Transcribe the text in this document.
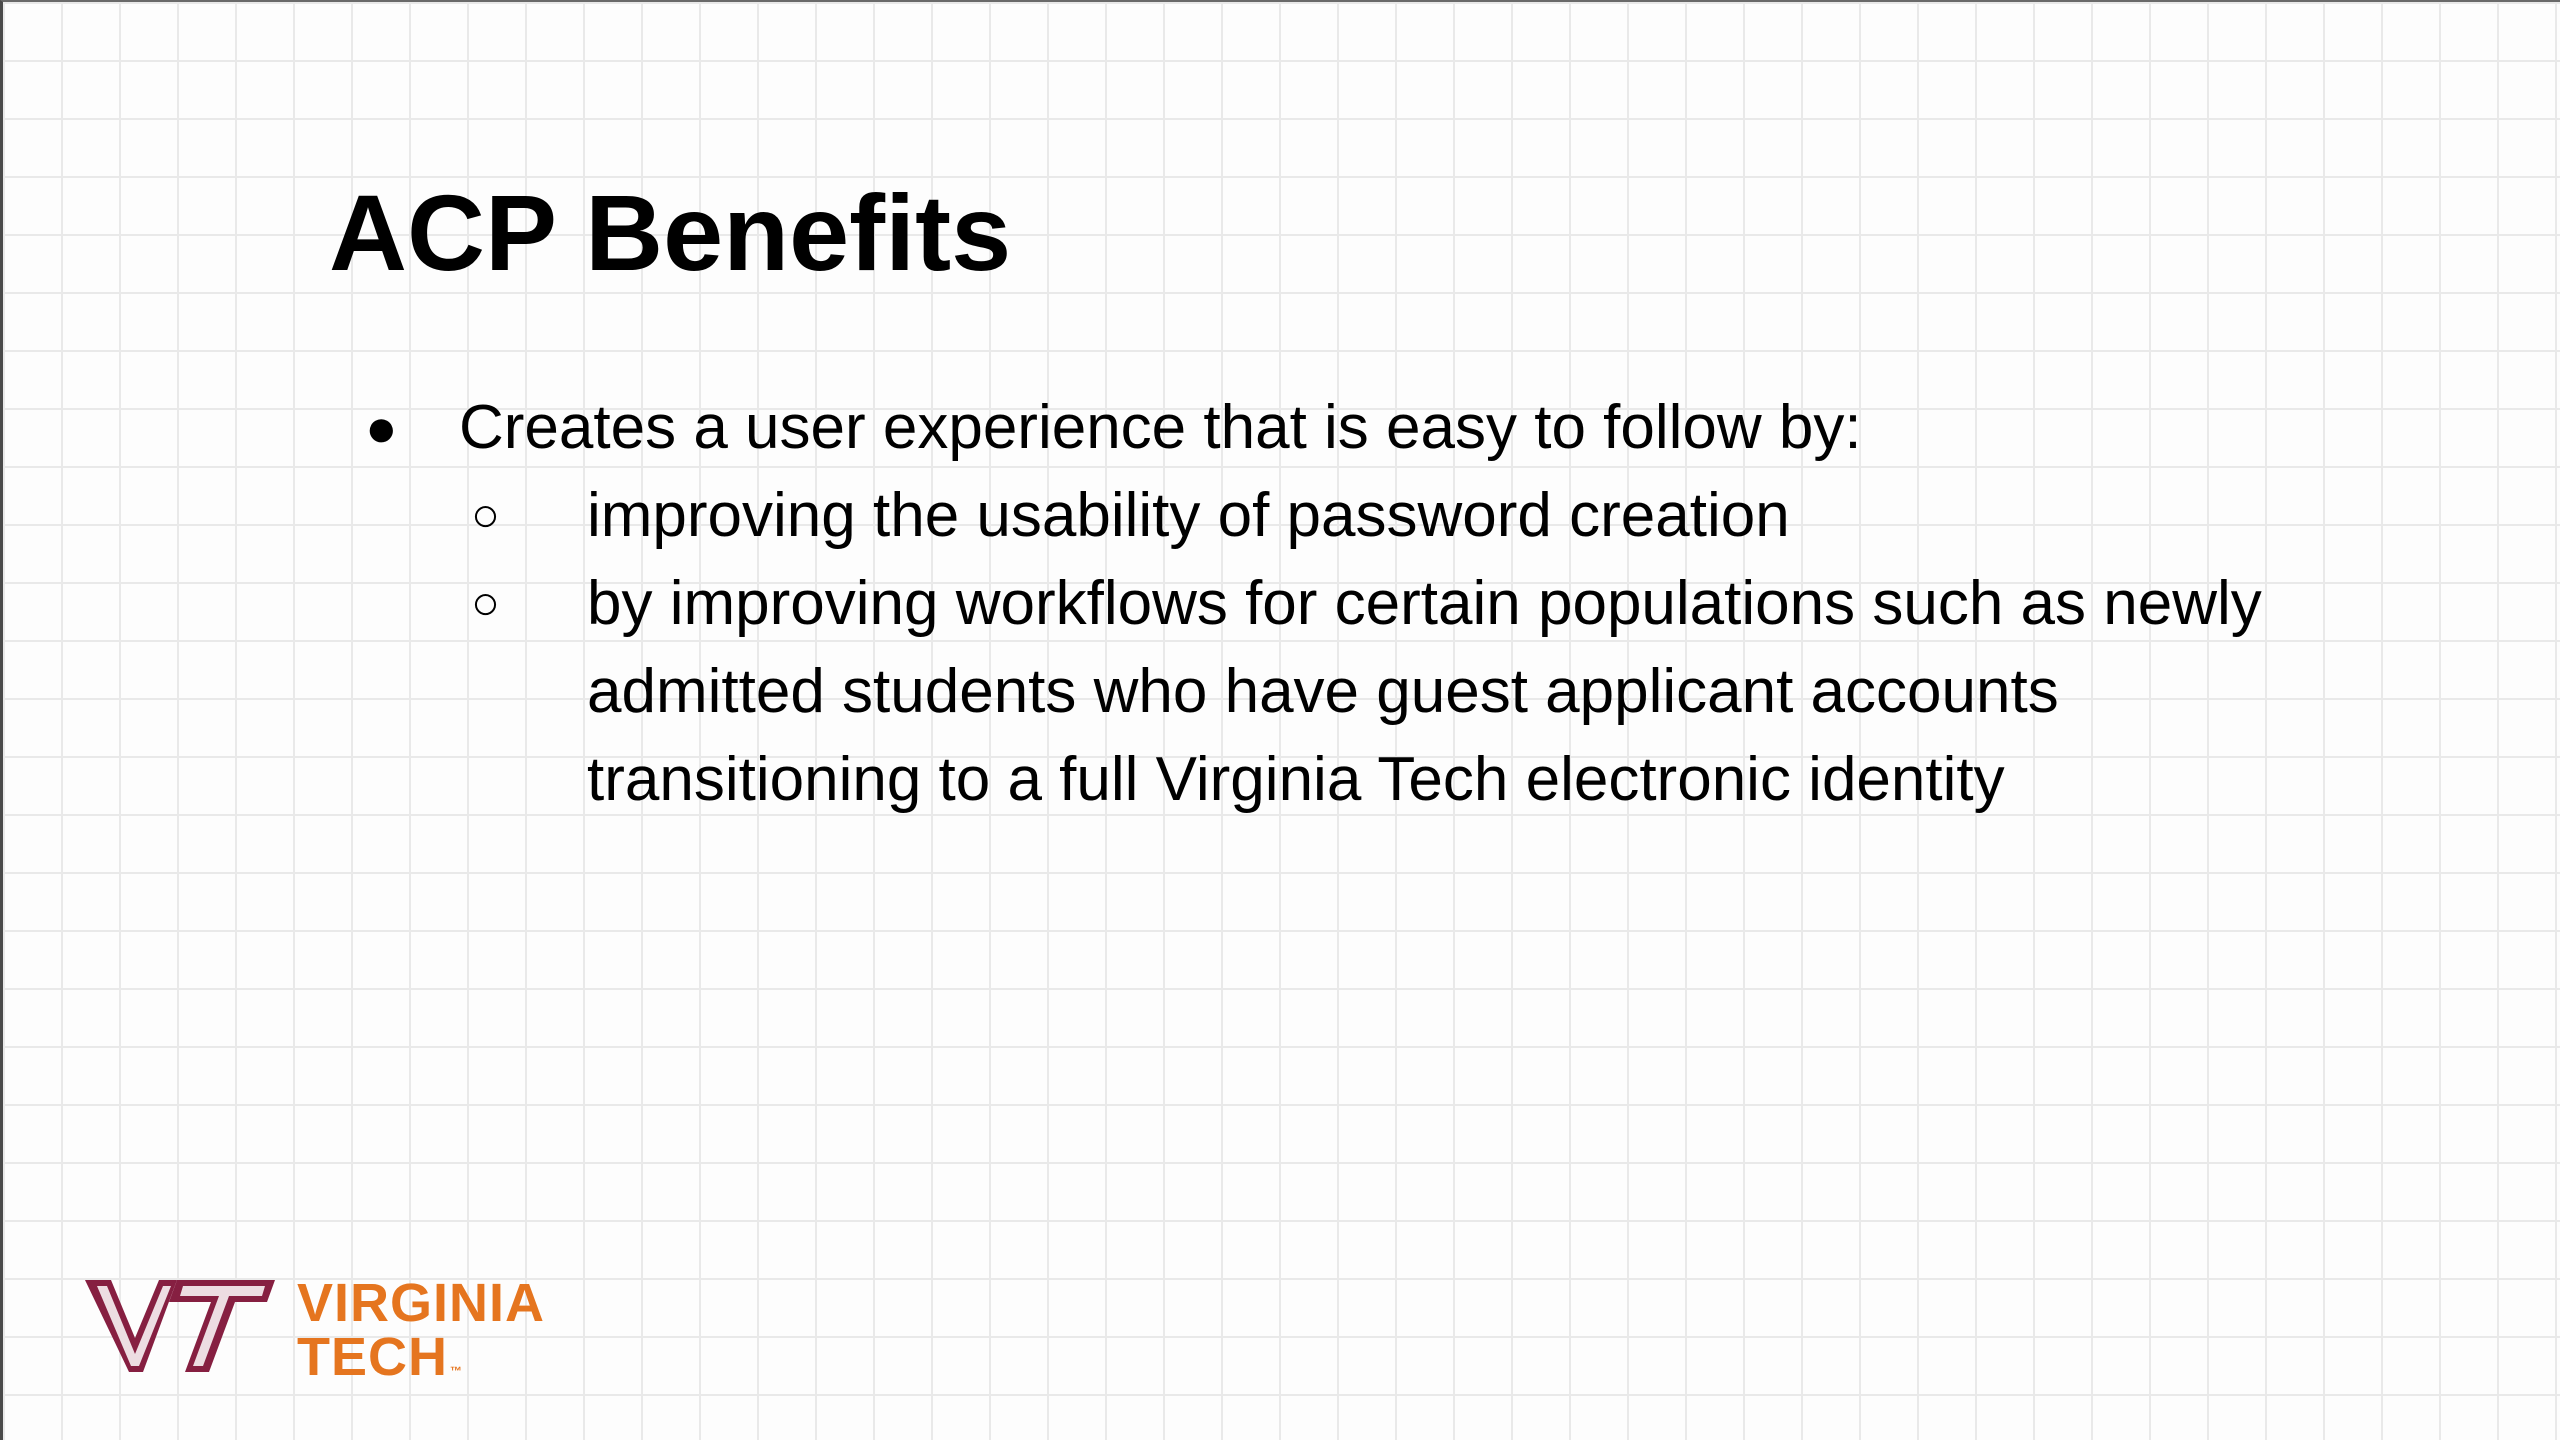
ACP Benefits
● Creates a user experience that is easy to follow by:
○	improving the usability of password creation
○	by improving workflows for certain populations such as newly admitted students who have guest applicant accounts transitioning to a full Virginia Tech electronic identity
VIRGINIA
TECH ™
